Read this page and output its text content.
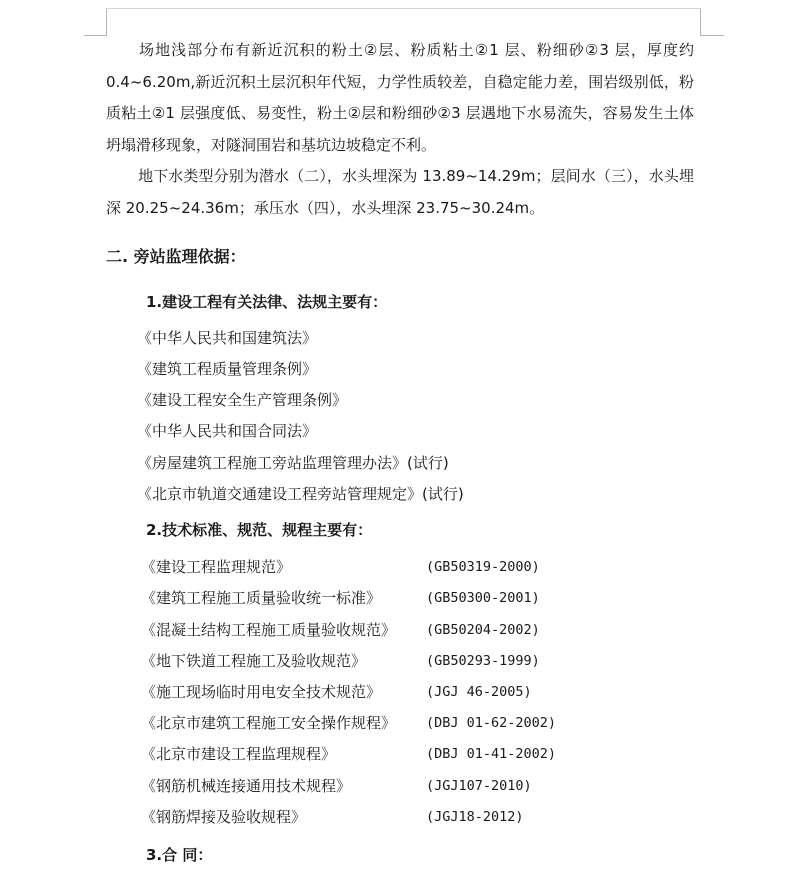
场地浅部分布有新近沉积的粉土②层、粉质粘土②1 层、粉细砂②3 层，厚度约 0.4~6.20m,新近沉积土层沉积年代短，力学性质较差，自稳定能力差，围岩级别低，粉质粘土②1 层强度低、易变性，粉土②层和粉细砂②3 层遇地下水易流失，容易发生土体坍塌滑移现象，对隧洞围岩和基坑边坡稳定不利。
地下水类型分别为潜水（二），水头埋深为 13.89~14.29m；层间水（三），水头埋深 20.25~24.36m；承压水（四），水头埋深 23.75~30.24m。
二. 旁站监理依据：
1.建设工程有关法律、法规主要有：
《中华人民共和国建筑法》
《建筑工程质量管理条例》
《建设工程安全生产管理条例》
《中华人民共和国合同法》
《房屋建筑工程施工旁站监理管理办法》(试行)
《北京市轨道交通建设工程旁站管理规定》(试行)
2.技术标准、规范、规程主要有：
《建设工程监理规范》	(GB50319-2000)
《建筑工程施工质量验收统一标准》	(GB50300-2001)
《混凝土结构工程施工质量验收规范》 (GB50204-2002)
《地下铁道工程施工及验收规范》	(GB50293-1999)
《施工现场临时用电安全技术规范》	(JGJ 46-2005)
《北京市建筑工程施工安全操作规程》 (DBJ 01-62-2002)
《北京市建设工程监理规程》	(DBJ 01-41-2002)
《钢筋机械连接通用技术规程》	(JGJ107-2010)
《钢筋焊接及验收规程》	(JGJ18-2012)
3.合 同：
